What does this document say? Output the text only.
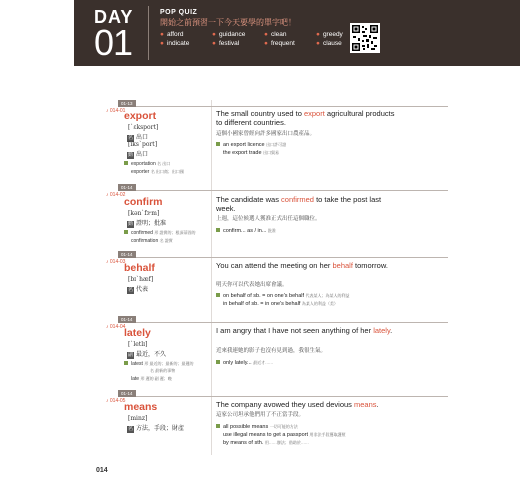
DAY
01
POP QUIZ
開始之前預習一下今天要學的單字吧！
● afford	● guidance	● clean	● greedy
● indicate	● festival	● frequent	● clause
01-13
♪ 014-01
export
[ˋɛksport]
名 出口
[ɪksˋport]
動 出口
exportation 名 出口
exporter 名 出口商；出口國
The small country used to export agricultural products to different countries.
這個小國家曾經向許多國家出口農產品。
an export licence 出口許可證
the export trade 出口貿易
01-14
♪ 014-02
confirm
[kənˋfɝm]
動 證明；批准
confirmed 形 證實的；根深蒂固的
confirmation 名 證實
The candidate was confirmed to take the post last week.
上週，這位候選人獲准正式出任這個職位。
confirm... as / in... 批准
01-14
♪ 014-03
behalf
[bɪˋhæf]
名 代表
You can attend the meeting on her behalf tomorrow.
明天你可以代表她出席會議。
on behalf of sb. = on one's behalf 代表某人；為某人的利益
in behalf of sb. = in one's behalf 為某人的利益（美）
01-14
♪ 014-04
lately
[ˋletlɪ]
副 最近，不久
latest 形 最近的；最新的；最遲的
名 最新的事物
late 形 遲的 副 遲；晚
I am angry that I have not seen anything of her lately.
近來我連她的影子也沒有見到過，我很生氣。
only lately... 最近才……
01-14
♪ 014-05
means
[minz]
名 方法，手段；財產
The company avowed they used devious means.
這家公司坦承他們用了不正當手段。
all possible means 一切可能的方法
use illegal means to get a passport 用非法手段獲取護照
by means of sth. 用……辦法；借助於……
014
